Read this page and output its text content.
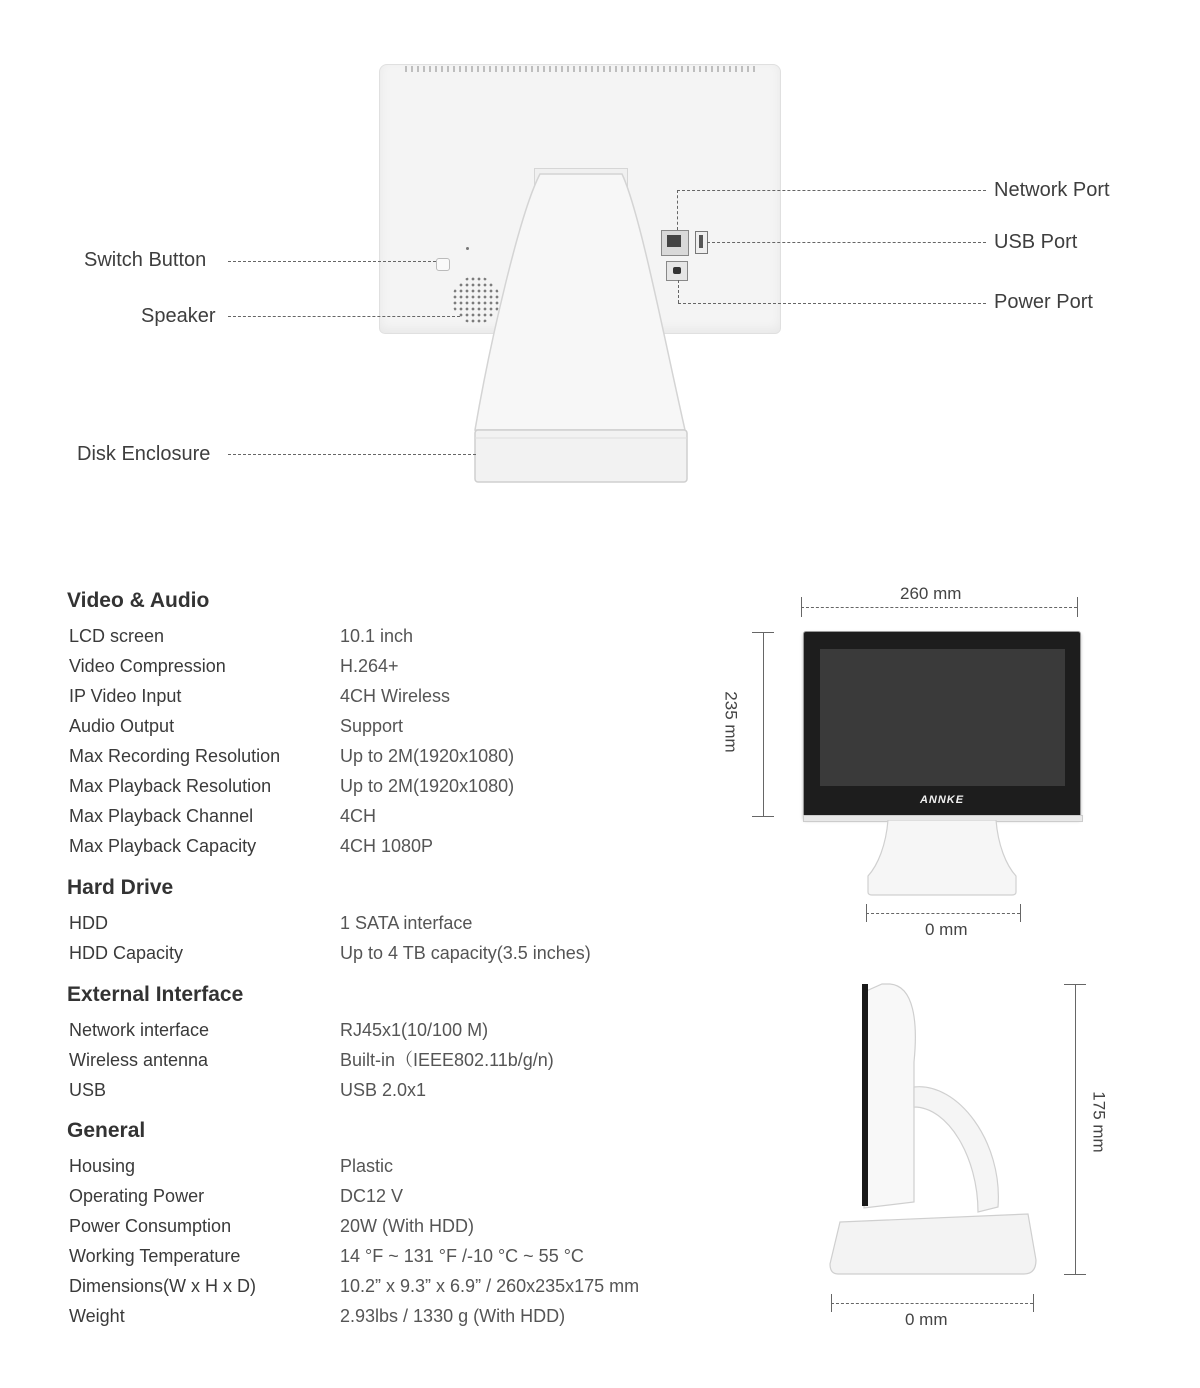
Switch Button
Speaker
Disk Enclosure
Network Port
USB Port
Power Port
Video & Audio
LCD screen	10.1 inch
Video Compression	H.264+
IP Video Input	4CH Wireless
Audio Output	Support
Max Recording Resolution	Up to 2M(1920x1080)
Max Playback Resolution	Up to 2M(1920x1080)
Max Playback Channel	4CH
Max Playback Capacity	4CH 1080P
Hard Drive
HDD	1 SATA interface
HDD Capacity	Up to 4 TB capacity(3.5 inches)
External Interface
Network interface	RJ45x1(10/100 M)
Wireless antenna	Built-in（IEEE802.11b/g/n)
USB	USB 2.0x1
General
Housing	Plastic
Operating Power	DC12 V
Power Consumption	20W (With HDD)
Working Temperature	14 °F ~ 131 °F /-10 °C ~ 55 °C
Dimensions(W x H x D)	10.2” x 9.3” x 6.9” / 260x235x175 mm
Weight	2.93lbs / 1330 g (With HDD)
260 mm
235 mm
ANNKE
0 mm
175 mm
0 mm
